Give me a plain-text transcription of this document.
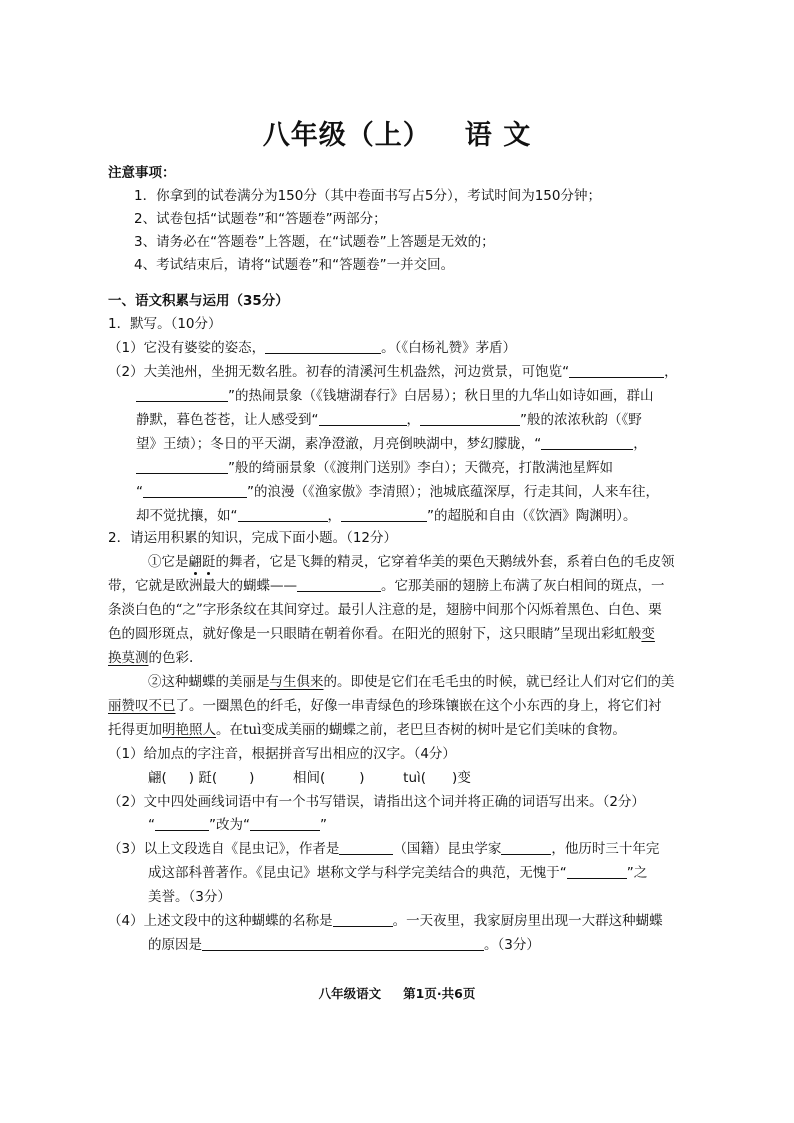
八年级（上） 语 文
注意事项：
1．你拿到的试卷满分为150分（其中卷面书写占5分），考试时间为150分钟；
2、试卷包括“试题卷”和“答题卷”两部分；
3、请务必在“答题卷”上答题，在“试题卷”上答题是无效的；
4、考试结束后，请将“试题卷”和“答题卷”一并交回。
一、语文积累与运用（35分）
1．默写。（10分）
（1）它没有婆娑的姿态，	。（《白杨礼赞》茅盾）
（2）大美池州，坐拥无数名胜。初春的清溪河生机盎然，河边赏景，可饱览“	，
”的热闹景象（《钱塘湖春行》白居易）；秋日里的九华山如诗如画，群山
静默，暮色苍苍，让人感受到“	，	”般的浓浓秋韵（《野
望》王绩）；冬日的平天湖，素净澄澈，月亮倒映湖中，梦幻朦胧，“	，
”般的绮丽景象（《渡荆门送别》李白）；天微亮，打散满池星辉如
“	”的浪漫（《渔家傲》李清照）；池城底蕴深厚，行走其间，人来车往，
却不觉扰攘，如“	，	”的超脱和自由（《饮酒》陶渊明）。
2．请运用积累的知识，完成下面小题。（12分）
①它是翩跹的舞者，它是飞舞的精灵，它穿着华美的栗色天鹅绒外套，系着白色的毛皮领
带，它就是欧洲最大的蝴蝶——	。它那美丽的翅膀上布满了灰白相间的斑点，一
条淡白色的“之”字形条纹在其间穿过。最引人注意的是，翅膀中间那个闪烁着黑色、白色、栗
色的圆形斑点，就好像是一只眼睛在朝着你看。在阳光的照射下，这只眼睛”呈现出彩虹般变
换莫测的色彩.
②这种蝴蝶的美丽是与生俱来的。即使是它们在毛毛虫的时候，就已经让人们对它们的美
丽赞叹不已了。一圈黑色的纤毛，好像一串青绿色的珍珠镶嵌在这个小东西的身上，将它们衬
托得更加明艳照人。在tuì变成美丽的蝴蝶之前，老巴旦杏树的树叶是它们美味的食物。
（1）给加点的字注音，根据拼音写出相应的汉字。（4分）
翩( ) 跹( )	相间(	)	tuì( )变
（2）文中四处画线词语中有一个书写错误，请指出这个词并将正确的词语写出来。（2分）
“	”改为“	”
（3）以上文段选自《昆虫记》，作者是	（国籍）昆虫学家	，他历时三十年完
成这部科普著作。《昆虫记》堪称文学与科学完美结合的典范，无愧于“	”之
美誉。（3分）
（4）上述文段中的这种蝴蝶的名称是	。一天夜里，我家厨房里出现一大群这种蝴蝶
的原因是	。（3分）
八年级语文 第1页·共6页
